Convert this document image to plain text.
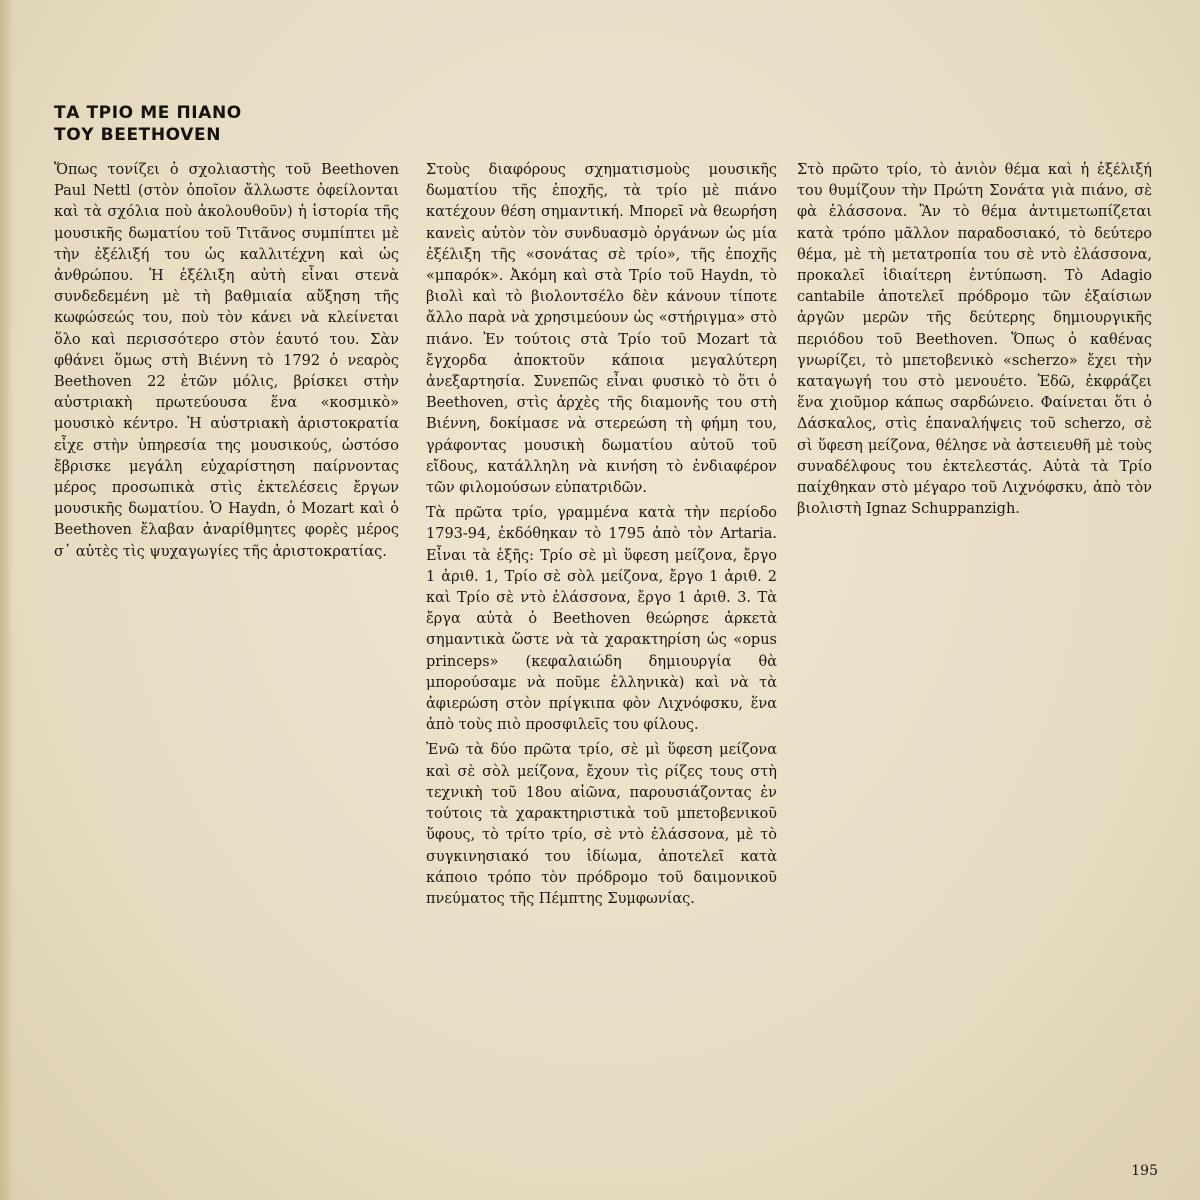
ΤΑ ΤΡΙΟ ΜΕ ΠΙΑΝΟ
ΤΟΥ BEETHOVEN

Ὅπως τονίζει ὁ σχολιαστὴς τοῦ Beethoven Paul Nettl (στὸν ὁποῖον ἄλλωστε ὀφείλονται καὶ τὰ σχόλια ποὺ ἀκολουθοῦν) ἡ ἱστορία τῆς μουσικῆς δωματίου τοῦ Τιτᾶνος συμπίπτει μὲ τὴν ἐξέλιξή του ὡς καλλιτέχνη καὶ ὡς ἀνθρώπου. Ἡ ἐξέλιξη αὐτὴ εἶναι στενὰ συνδεδεμένη μὲ τὴ βαθμιαία αὔξηση τῆς κωφώσεώς του, ποὺ τὸν κάνει νὰ κλείνεται ὅλο καὶ περισσότερο στὸν ἑαυτό του. Σὰν φθάνει ὅμως στὴ Βιέννη τὸ 1792 ὁ νεαρὸς Beethoven 22 ἐτῶν μόλις, βρίσκει στὴν αὐστριακὴ πρωτεύουσα ἕνα «κοσμικὸ» μουσικὸ κέντρο. Ἡ αὐστριακὴ ἀριστοκρατία εἶχε στὴν ὑπηρεσία της μουσικούς, ὡστόσο ἔβρισκε μεγάλη εὐχαρίστηση παίρνοντας μέρος προσωπικὰ στὶς ἐκτελέσεις ἔργων μουσικῆς δωματίου. Ὁ Haydn, ὁ Mozart καὶ ὁ Beethoven ἔλαβαν ἀναρίθμητες φορὲς μέρος σ᾽ αὐτὲς τὶς ψυχαγωγίες τῆς ἀριστοκρατίας.

Στοὺς διαφόρους σχηματισμοὺς μουσικῆς δωματίου τῆς ἐποχῆς, τὰ τρίο μὲ πιάνο κατέχουν θέση σημαντική. Μπορεῖ νὰ θεωρήση κανεὶς αὐτὸν τὸν συνδυασμὸ ὀργάνων ὡς μία ἐξέλιξη τῆς «σονάτας σὲ τρίο», τῆς ἐποχῆς «μπαρόκ». Ἀκόμη καὶ στὰ Τρίο τοῦ Haydn, τὸ βιολὶ καὶ τὸ βιολοντσέλο δὲν κάνουν τίποτε ἄλλο παρὰ νὰ χρησιμεύουν ὡς «στήριγμα» στὸ πιάνο. Ἐν τούτοις στὰ Τρίο τοῦ Mozart τὰ ἔγχορδα ἀποκτοῦν κάποια μεγαλύτερη ἀνεξαρτησία. Συνεπῶς εἶναι φυσικὸ τὸ ὅτι ὁ Beethoven, στὶς ἀρχὲς τῆς διαμονῆς του στὴ Βιέννη, δοκίμασε νὰ στερεώση τὴ φήμη του, γράφοντας μουσικὴ δωματίου αὐτοῦ τοῦ εἴδους, κατάλληλη νὰ κινήση τὸ ἐνδιαφέρον τῶν φιλομούσων εὐπατριδῶν.

Τὰ πρῶτα τρίο, γραμμένα κατὰ τὴν περίοδο 1793-94, ἐκδόθηκαν τὸ 1795 ἀπὸ τὸν Artaria. Εἶναι τὰ ἑξῆς: Τρίο σὲ μὶ ὕφεση μείζονα, ἔργο 1 ἀριθ. 1, Τρίο σὲ σὸλ μείζονα, ἔργο 1 ἀριθ. 2 καὶ Τρίο σὲ ντὸ ἐλάσσονα, ἔργο 1 ἀριθ. 3. Τὰ ἔργα αὐτὰ ὁ Beethoven θεώρησε ἀρκετὰ σημαντικὰ ὥστε νὰ τὰ χαρακτηρίση ὡς «opus princeps» (κεφαλαιώδη δημιουργία θὰ μπορούσαμε νὰ ποῦμε ἑλληνικὰ) καὶ νὰ τὰ ἀφιερώση στὸν πρίγκιπα φὸν Λιχνόφσκυ, ἕνα ἀπὸ τοὺς πιὸ προσφιλεῖς του φίλους.

Ἐνῶ τὰ δύο πρῶτα τρίο, σὲ μὶ ὕφεση μείζονα καὶ σὲ σὸλ μείζονα, ἔχουν τὶς ρίζες τους στὴ τεχνικὴ τοῦ 18ου αἰῶνα, παρουσιάζοντας ἐν τούτοις τὰ χαρακτηριστικὰ τοῦ μπετοβενικοῦ ὕφους, τὸ τρίτο τρίο, σὲ ντὸ ἐλάσσονα, μὲ τὸ συγκινησιακό του ἰδίωμα, ἀποτελεῖ κατὰ κάποιο τρόπο τὸν πρόδρομο τοῦ δαιμονικοῦ πνεύματος τῆς Πέμπτης Συμφωνίας.

Στὸ πρῶτο τρίο, τὸ ἀνιὸν θέμα καὶ ἡ ἐξέλιξή του θυμίζουν τὴν Πρώτη Σονάτα γιὰ πιάνο, σὲ φὰ ἐλάσσονα. Ἂν τὸ θέμα ἀντιμετωπίζεται κατὰ τρόπο μᾶλλον παραδοσιακό, τὸ δεύτερο θέμα, μὲ τὴ μετατροπία του σὲ ντὸ ἐλάσσονα, προκαλεῖ ἰδιαίτερη ἐντύπωση. Τὸ Adagio cantabile ἀποτελεῖ πρόδρομο τῶν ἐξαίσιων ἀργῶν μερῶν τῆς δεύτερης δημιουργικῆς περιόδου τοῦ Beethoven. Ὅπως ὁ καθένας γνωρίζει, τὸ μπετοβενικὸ «scherzo» ἔχει τὴν καταγωγή του στὸ μενουέτο. Ἐδῶ, ἐκφράζει ἕνα χιοῦμορ κάπως σαρδώνειο. Φαίνεται ὅτι ὁ Δάσκαλος, στὶς ἐπαναλήψεις τοῦ scherzo, σὲ σὶ ὕφεση μείζονα, θέλησε νὰ ἀστειευθῆ μὲ τοὺς συναδέλφους του ἐκτελεστάς. Αὐτὰ τὰ Τρίο παίχθηκαν στὸ μέγαρο τοῦ Λιχνόφσκυ, ἀπὸ τὸν βιολιστὴ Ignaz Schuppanzigh.

195
